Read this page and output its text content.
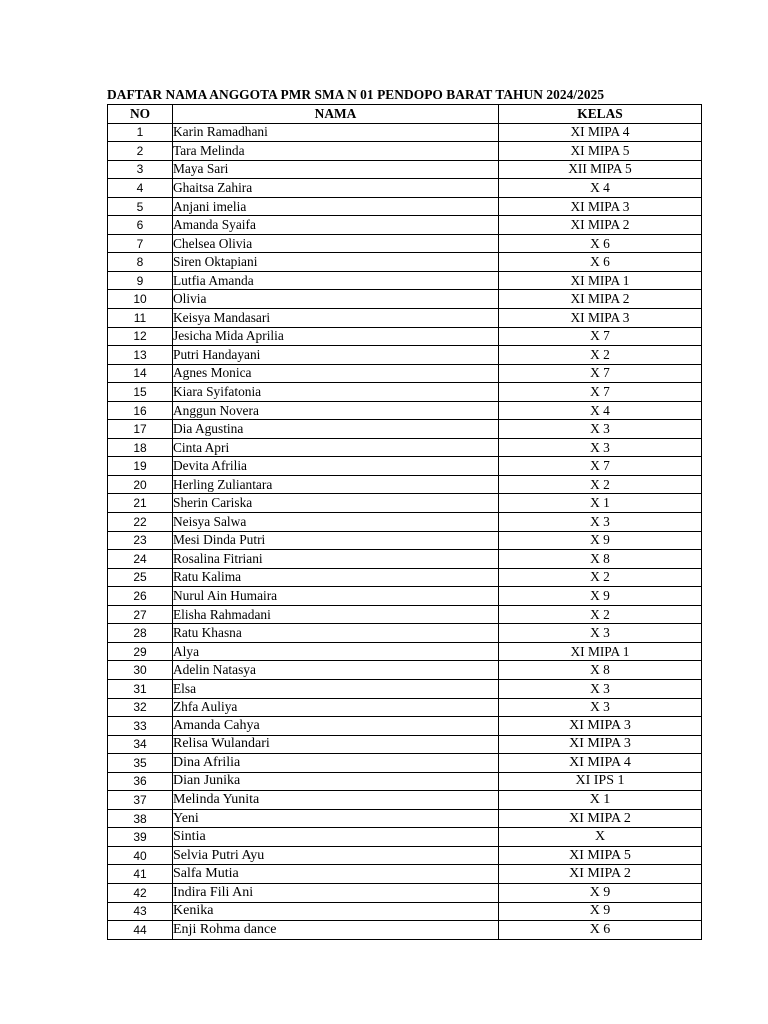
DAFTAR NAMA ANGGOTA PMR SMA N 01 PENDOPO BARAT TAHUN 2024/2025
NO	NAMA	KELAS
1	Karin Ramadhani	XI MIPA 4
2	Tara Melinda	XI MIPA 5
3	Maya Sari	XII MIPA 5
4	Ghaitsa Zahira	X 4
5	Anjani imelia	XI MIPA 3
6	Amanda Syaifa	XI MIPA 2
7	Chelsea Olivia	X 6
8	Siren Oktapiani	X 6
9	Lutfia Amanda	XI MIPA 1
10	Olivia	XI MIPA 2
11	Keisya Mandasari	XI MIPA 3
12	Jesicha Mida Aprilia	X 7
13	Putri Handayani	X 2
14	Agnes Monica	X 7
15	Kiara Syifatonia	X 7
16	Anggun Novera	X 4
17	Dia Agustina	X 3
18	Cinta Apri	X 3
19	Devita Afrilia	X 7
20	Herling Zuliantara	X 2
21	Sherin Cariska	X 1
22	Neisya Salwa	X 3
23	Mesi Dinda Putri	X 9
24	Rosalina Fitriani	X 8
25	Ratu Kalima	X 2
26	Nurul Ain Humaira	X 9
27	Elisha Rahmadani	X 2
28	Ratu Khasna	X 3
29	Alya	XI MIPA 1
30	Adelin Natasya	X 8
31	Elsa	X 3
32	Zhfa Auliya	X 3
33	Amanda Cahya	XI MIPA 3
34	Relisa Wulandari	XI MIPA 3
35	Dina Afrilia	XI MIPA 4
36	Dian Junika	XI IPS 1
37	Melinda Yunita	X 1
38	Yeni	XI MIPA 2
39	Sintia	X
40	Selvia Putri Ayu	XI MIPA 5
41	Salfa Mutia	XI MIPA 2
42	Indira Fili Ani	X 9
43	Kenika	X 9
44	Enji Rohma dance	X 6
